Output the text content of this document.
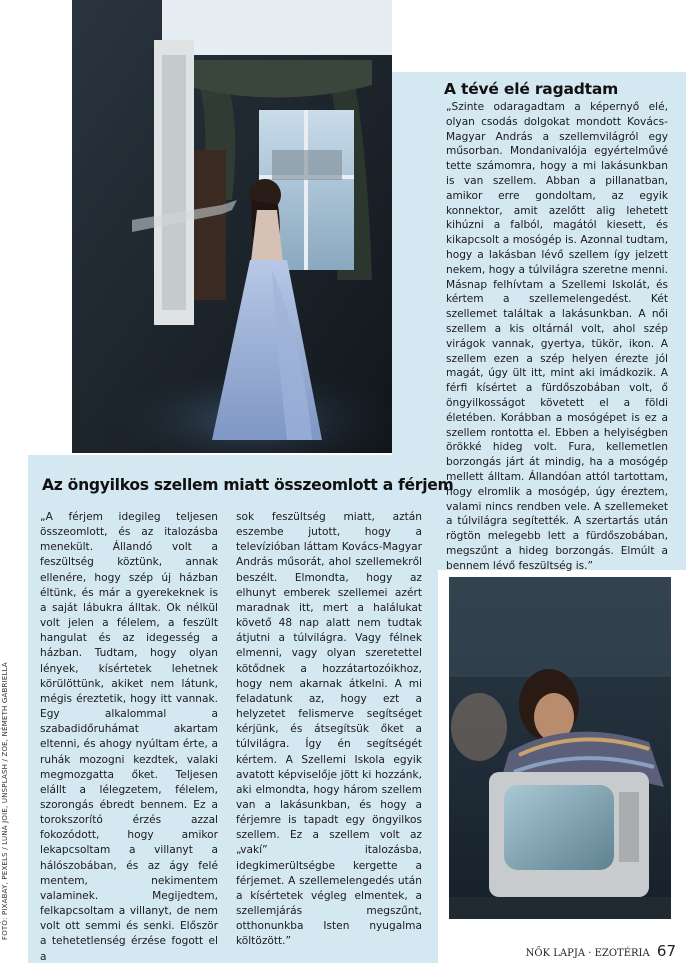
A tévé elé ragadtam

„Szinte odaragadtam a képernyő elé, olyan csodás dolgokat mondott Kovács-Magyar András a szellemvilágról egy műsorban. Mondanivalója egyértelművé tette számomra, hogy a mi lakásunkban is van szellem. Abban a pillanatban, amikor erre gondoltam, az egyik konnektor, amit azelőtt alig lehetett kihúzni a falból, magától kiesett, és kikapcsolt a mosógép is. Azonnal tudtam, hogy a lakásban lévő szellem így jelzett nekem, hogy a túlvilágra szeretne menni. Másnap felhívtam a Szellemi Iskolát, és kértem a szellemelengedést. Két szellemet találtak a lakásunkban. A női szellem a kis oltárnál volt, ahol szép virágok vannak, gyertya, tükör, ikon. A szellem ezen a szép helyen érezte jól magát, úgy ült itt, mint aki imádkozik. A férfi kísértet a fürdőszobában volt, ő öngyilkosságot követett el a földi életében. Korábban a mosógépet is ez a szellem rontotta el. Ebben a helyiségben örökké hideg volt. Fura, kellemetlen borzongás járt át mindig, ha a mosógép mellett álltam. Állandóan attól tartottam, hogy elromlik a mosógép, úgy éreztem, valami nincs rendben vele. A szellemeket a túlvilágra segítették. A szertartás után rögtön melegebb lett a fürdőszobában, megszűnt a hideg borzongás. Elmúlt a bennem lévő feszültség is.”

Az öngyilkos szellem miatt összeomlott a férjem

„A férjem idegileg teljesen összeomlott, és az italozásba menekült. Állandó volt a feszültség köztünk, annak ellenére, hogy szép új házban éltünk, és már a gyerekeknek is a saját lábukra álltak. Ok nélkül volt jelen a félelem, a feszült hangulat és az idegesség a házban. Tudtam, hogy olyan lények, kísértetek lehetnek körülöttünk, akiket nem látunk, mégis éreztetik, hogy itt vannak. Egy alkalommal a szabadidőruhámat akartam eltenni, és ahogy nyúltam érte, a ruhák mozogni kezdtek, valaki megmozgatta őket. Teljesen elállt a lélegzetem, félelem, szorongás ébredt bennem. Ez a torokszorító érzés azzal fokozódott, hogy amikor lekapcsoltam a villanyt a hálószobában, és az ágy felé mentem, nekimentem valaminek. Megijedtem, felkapcsoltam a villanyt, de nem volt ott semmi és senki. Először a tehetetlenség érzése fogott el a

sok feszültség miatt, aztán eszembe jutott, hogy a televízióban láttam Kovács-Magyar András műsorát, ahol szellemekről beszélt. Elmondta, hogy az elhunyt emberek szellemei azért maradnak itt, mert a halálukat követő 48 nap alatt nem tudtak átjutni a túlvilágra. Vagy félnek elmenni, vagy olyan szeretettel kötődnek a hozzátartozóikhoz, hogy nem akarnak átkelni. A mi feladatunk az, hogy ezt a helyzetet felismerve segítséget kérjünk, és átsegítsük őket a túlvilágra. Így én segítségét kértem. A Szellemi Iskola egyik avatott képviselője jött ki hozzánk, aki elmondta, hogy három szellem van a lakásunkban, és hogy a férjemre is tapadt egy öngyilkos szellem. Ez a szellem volt az „vakí” italozásba, idegkimerültségbe kergette a férjemet. A szellemelengedés után a kísértetek végleg elmentek, a szellemjárás megszűnt, otthonunkba Isten nyugalma költözött.”

FOTÓ: PIXABAY, PEXELS / LUNA JOIE, UNSPLASH / ZOE, NÉMETH GABRIELLA
NŐK LAPJA · EZOTÉRIA 67
